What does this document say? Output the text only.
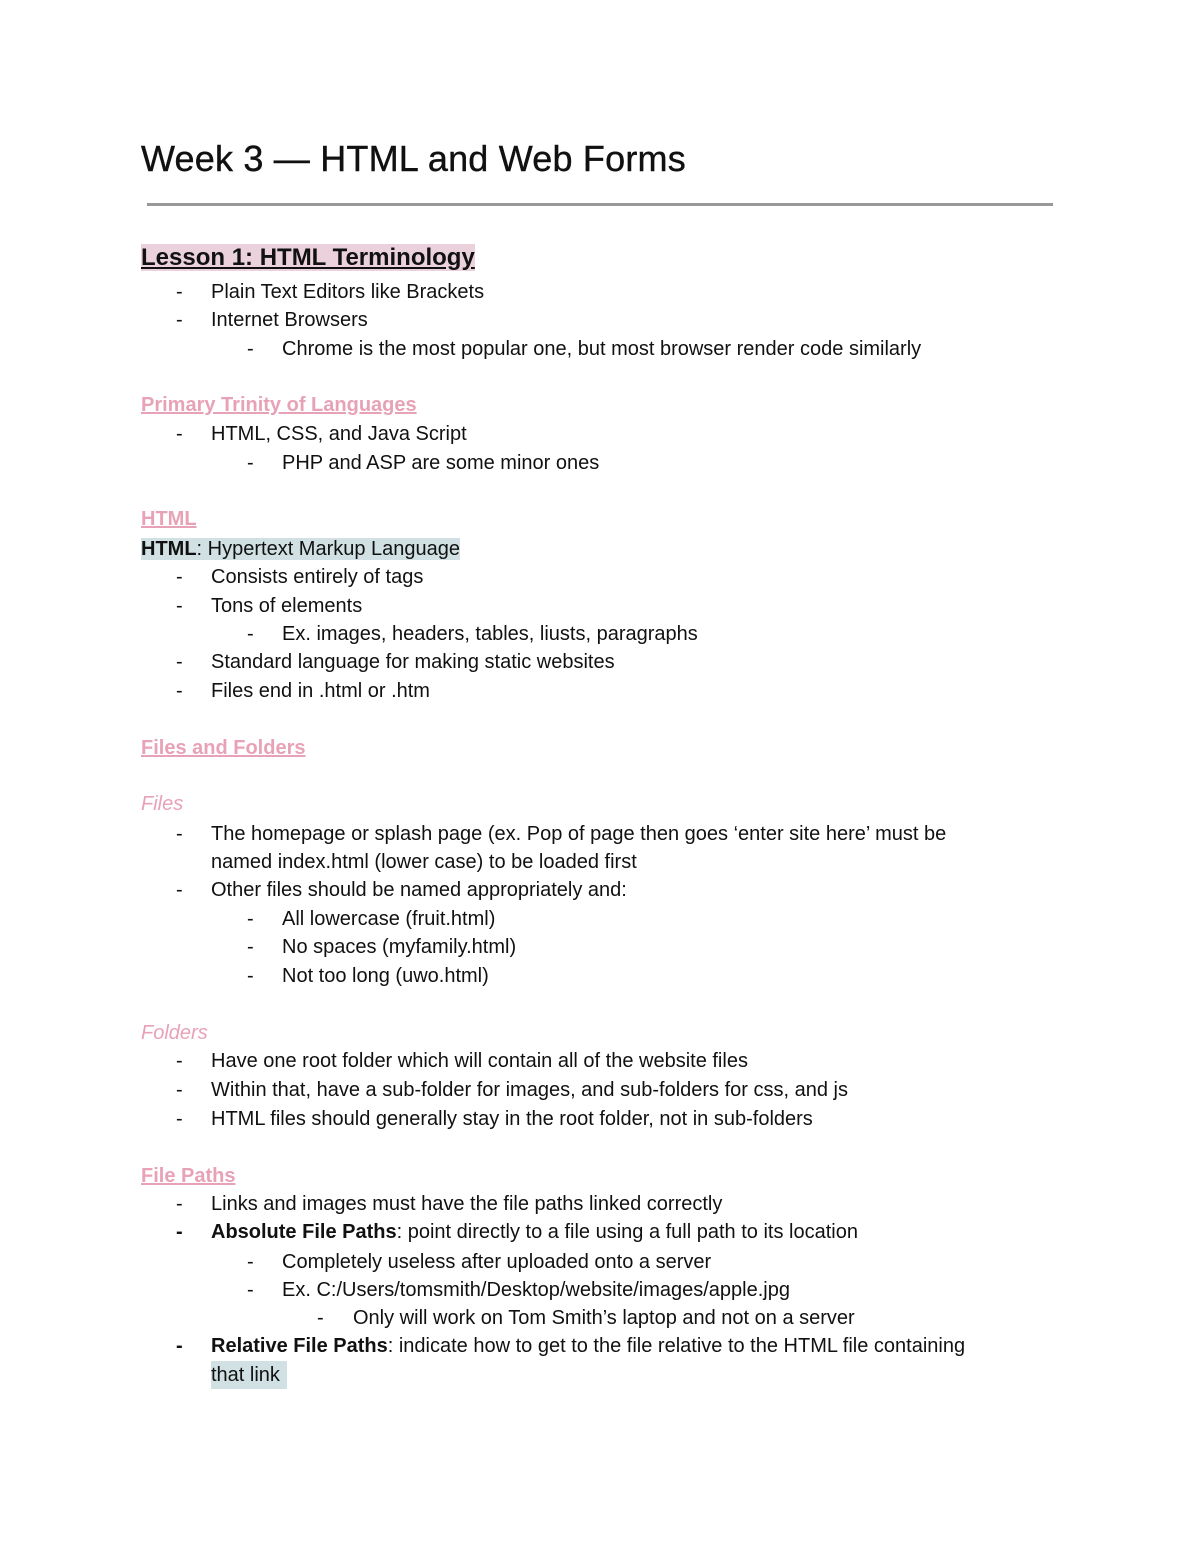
Week 3 — HTML and Web Forms
Lesson 1: HTML Terminology
- Plain Text Editors like Brackets
- Internet Browsers
- Chrome is the most popular one, but most browser render code similarly
Primary Trinity of Languages
- HTML, CSS, and Java Script
- PHP and ASP are some minor ones
HTML
HTML: Hypertext Markup Language
- Consists entirely of tags
- Tons of elements
- Ex. images, headers, tables, liusts, paragraphs
- Standard language for making static websites
- Files end in .html or .htm
Files and Folders
Files
- The homepage or splash page (ex. Pop of page then goes ‘enter site here’ must be
named index.html (lower case) to be loaded first
- Other files should be named appropriately and:
- All lowercase (fruit.html)
- No spaces (myfamily.html)
- Not too long (uwo.html)
Folders
- Have one root folder which will contain all of the website files
- Within that, have a sub-folder for images, and sub-folders for css, and js
- HTML files should generally stay in the root folder, not in sub-folders
File Paths
- Links and images must have the file paths linked correctly
- Absolute File Paths: point directly to a file using a full path to its location
- Completely useless after uploaded onto a server
- Ex. C:/Users/tomsmith/Desktop/website/images/apple.jpg
- Only will work on Tom Smith’s laptop and not on a server
- Relative File Paths: indicate how to get to the file relative to the HTML file containing
that link
